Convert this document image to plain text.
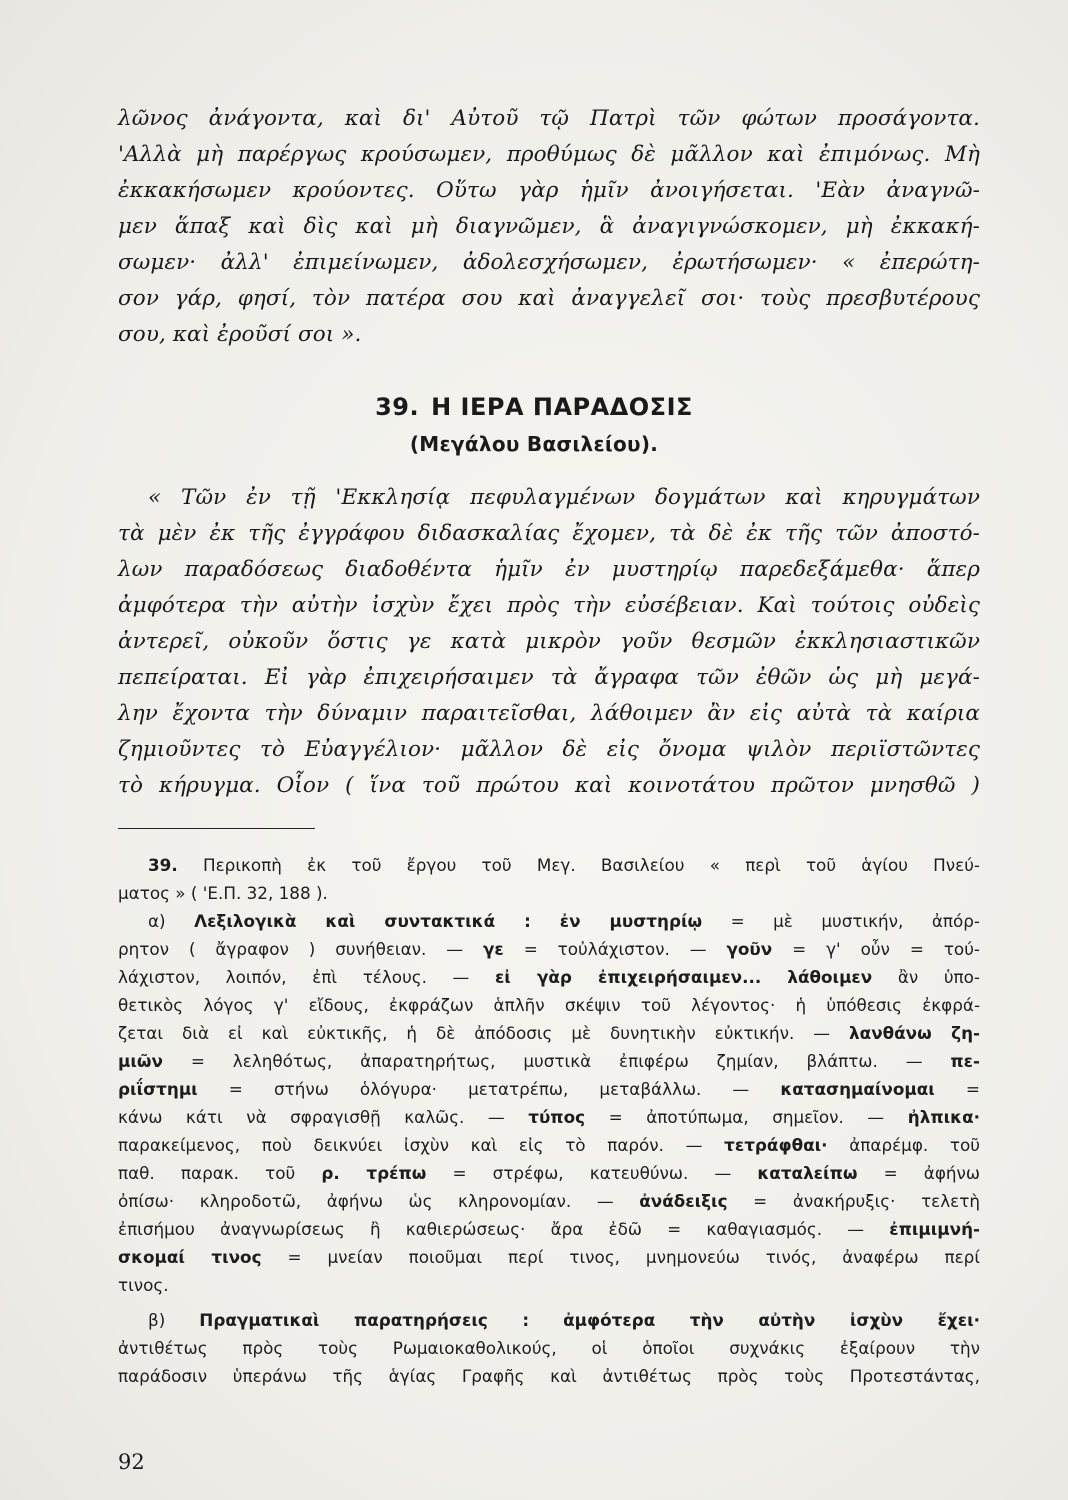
λῶνος ἀνάγοντα, καὶ δι' Αὐτοῦ τῷ Πατρὶ τῶν φώτων προσάγοντα.
'Αλλὰ μὴ παρέργως κρούσωμεν, προθύμως δὲ μᾶλλον καὶ ἐπιμόνως. Μὴ
ἐκκακήσωμεν κρούοντες. Οὕτω γὰρ ἡμῖν ἀνοιγήσεται. 'Εὰν ἀναγνῶ-
μεν ἅπαξ καὶ δὶς καὶ μὴ διαγνῶμεν, ἃ ἀναγιγνώσκομεν, μὴ ἐκκακή-
σωμεν· ἀλλ' ἐπιμείνωμεν, ἀδολεσχήσωμεν, ἐρωτήσωμεν· « ἐπερώτη-
σον γάρ, φησί, τὸν πατέρα σου καὶ ἀναγγελεῖ σοι· τοὺς πρεσβυτέρους
σου, καὶ ἐροῦσί σοι ».
39. Η ΙΕΡΑ ΠΑΡΑΔΟΣΙΣ
(Μεγάλου Βασιλείου).
« Τῶν ἐν τῇ 'Εκκλησίᾳ πεφυλαγμένων δογμάτων καὶ κηρυγμάτων
τὰ μὲν ἐκ τῆς ἐγγράφου διδασκαλίας ἔχομεν, τὰ δὲ ἐκ τῆς τῶν ἀποστό-
λων παραδόσεως διαδοθέντα ἡμῖν ἐν μυστηρίῳ παρεδεξάμεθα· ἅπερ
ἀμφότερα τὴν αὐτὴν ἰσχὺν ἔχει πρὸς τὴν εὐσέβειαν. Καὶ τούτοις οὐδεὶς
ἀντερεῖ, οὐκοῦν ὅστις γε κατὰ μικρὸν γοῦν θεσμῶν ἐκκλησιαστικῶν
πεπείραται. Εἰ γὰρ ἐπιχειρήσαιμεν τὰ ἄγραφα τῶν ἐθῶν ὡς μὴ μεγά-
λην ἔχοντα τὴν δύναμιν παραιτεῖσθαι, λάθοιμεν ἂν εἰς αὐτὰ τὰ καίρια
ζημιοῦντες τὸ Εὐαγγέλιον· μᾶλλον δὲ εἰς ὄνομα ψιλὸν περιϊστῶντες
τὸ κήρυγμα. Οἷον ( ἵνα τοῦ πρώτου καὶ κοινοτάτου πρῶτον μνησθῶ )
39. Περικοπὴ ἐκ τοῦ ἔργου τοῦ Μεγ. Βασιλείου « περὶ τοῦ ἁγίου Πνεύ-
ματος » ( 'Ε.Π. 32, 188 ).
α) Λεξιλογικὰ καὶ συντακτικά : ἐν μυστηρίῳ = μὲ μυστικήν, ἀπόρ-
ρητον ( ἄγραφον ) συνήθειαν. — γε = τοὐλάχιστον. — γοῦν = γ' οὖν = τού-
λάχιστον, λοιπόν, ἐπὶ τέλους. — εἰ γὰρ ἐπιχειρήσαιμεν... λάθοιμεν ἂν ὑπο-
θετικὸς λόγος γ' εἴδους, ἐκφράζων ἁπλῆν σκέψιν τοῦ λέγοντος· ἡ ὑπόθεσις ἐκφρά-
ζεται διὰ εἰ καὶ εὐκτικῆς, ἡ δὲ ἀπόδοσις μὲ δυνητικὴν εὐκτικήν. — λανθάνω ζη-
μιῶν = λεληθότως, ἀπαρατηρήτως, μυστικὰ ἐπιφέρω ζημίαν, βλάπτω. — πε-
ριΐστημι = στήνω ὁλόγυρα· μετατρέπω, μεταβάλλω. — κατασημαίνομαι =
κάνω κάτι νὰ σφραγισθῇ καλῶς. — τύπος = ἀποτύπωμα, σημεῖον. — ἠλπικα·
παρακείμενος, ποὺ δεικνύει ἰσχὺν καὶ εἰς τὸ παρόν. — τετράφθαι· ἀπαρέμφ. τοῦ
παθ. παρακ. τοῦ ρ. τρέπω = στρέφω, κατευθύνω. — καταλείπω = ἀφήνω
ὀπίσω· κληροδοτῶ, ἀφήνω ὡς κληρονομίαν. — ἀνάδειξις = ἀνακήρυξις· τελετὴ
ἐπισήμου ἀναγνωρίσεως ἢ καθιερώσεως· ἄρα ἐδῶ = καθαγιασμός. — ἐπιμιμνή-
σκομαί τινος = μνείαν ποιοῦμαι περί τινος, μνημονεύω τινός, ἀναφέρω περί
τινος.
β) Πραγματικαὶ παρατηρήσεις : ἀμφότερα τὴν αὐτὴν ἰσχὺν ἔχει·
ἀντιθέτως πρὸς τοὺς Ρωμαιοκαθολικούς, οἱ ὁποῖοι συχνάκις ἐξαίρουν τὴν
παράδοσιν ὑπεράνω τῆς ἁγίας Γραφῆς καὶ ἀντιθέτως πρὸς τοὺς Προτεστάντας,
92
